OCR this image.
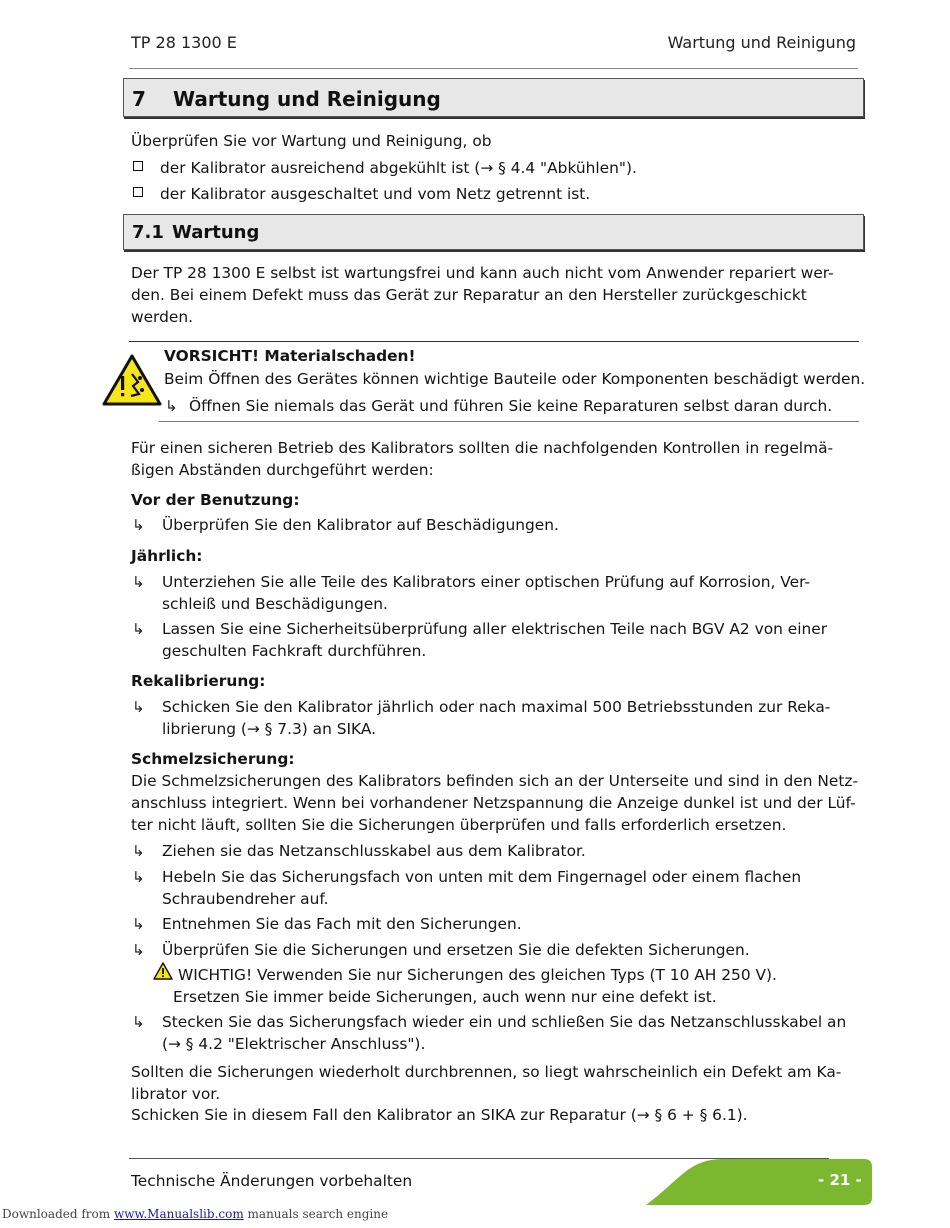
TP 28 1300 E	Wartung und Reinigung
7 Wartung und Reinigung
Überprüfen Sie vor Wartung und Reinigung, ob
der Kalibrator ausreichend abgekühlt ist (→ § 4.4 "Abkühlen").
der Kalibrator ausgeschaltet und vom Netz getrennt ist.
7.1 Wartung
Der TP 28 1300 E selbst ist wartungsfrei und kann auch nicht vom Anwender repariert wer-
den. Bei einem Defekt muss das Gerät zur Reparatur an den Hersteller zurückgeschickt
werden.
VORSICHT! Materialschaden!
Beim Öffnen des Gerätes können wichtige Bauteile oder Komponenten beschädigt werden.
↳ Öffnen Sie niemals das Gerät und führen Sie keine Reparaturen selbst daran durch.
Für einen sicheren Betrieb des Kalibrators sollten die nachfolgenden Kontrollen in regelmä-
ßigen Abständen durchgeführt werden:
Vor der Benutzung:
↳ Überprüfen Sie den Kalibrator auf Beschädigungen.
Jährlich:
↳ Unterziehen Sie alle Teile des Kalibrators einer optischen Prüfung auf Korrosion, Ver-
schleiß und Beschädigungen.
↳ Lassen Sie eine Sicherheitsüberprüfung aller elektrischen Teile nach BGV A2 von einer
geschulten Fachkraft durchführen.
Rekalibrierung:
↳ Schicken Sie den Kalibrator jährlich oder nach maximal 500 Betriebsstunden zur Reka-
librierung (→ § 7.3) an SIKA.
Schmelzsicherung:
Die Schmelzsicherungen des Kalibrators befinden sich an der Unterseite und sind in den Netz-
anschluss integriert. Wenn bei vorhandener Netzspannung die Anzeige dunkel ist und der Lüf-
ter nicht läuft, sollten Sie die Sicherungen überprüfen und falls erforderlich ersetzen.
↳ Ziehen sie das Netzanschlusskabel aus dem Kalibrator.
↳ Hebeln Sie das Sicherungsfach von unten mit dem Fingernagel oder einem flachen
Schraubendreher auf.
↳ Entnehmen Sie das Fach mit den Sicherungen.
↳ Überprüfen Sie die Sicherungen und ersetzen Sie die defekten Sicherungen.
WICHTIG! Verwenden Sie nur Sicherungen des gleichen Typs (T 10 AH 250 V).
Ersetzen Sie immer beide Sicherungen, auch wenn nur eine defekt ist.
↳ Stecken Sie das Sicherungsfach wieder ein und schließen Sie das Netzanschlusskabel an
(→ § 4.2 "Elektrischer Anschluss").
Sollten die Sicherungen wiederholt durchbrennen, so liegt wahrscheinlich ein Defekt am Ka-
librator vor.
Schicken Sie in diesem Fall den Kalibrator an SIKA zur Reparatur (→ § 6 + § 6.1).
Technische Änderungen vorbehalten	- 21 -
Downloaded from www.Manualslib.com manuals search engine
